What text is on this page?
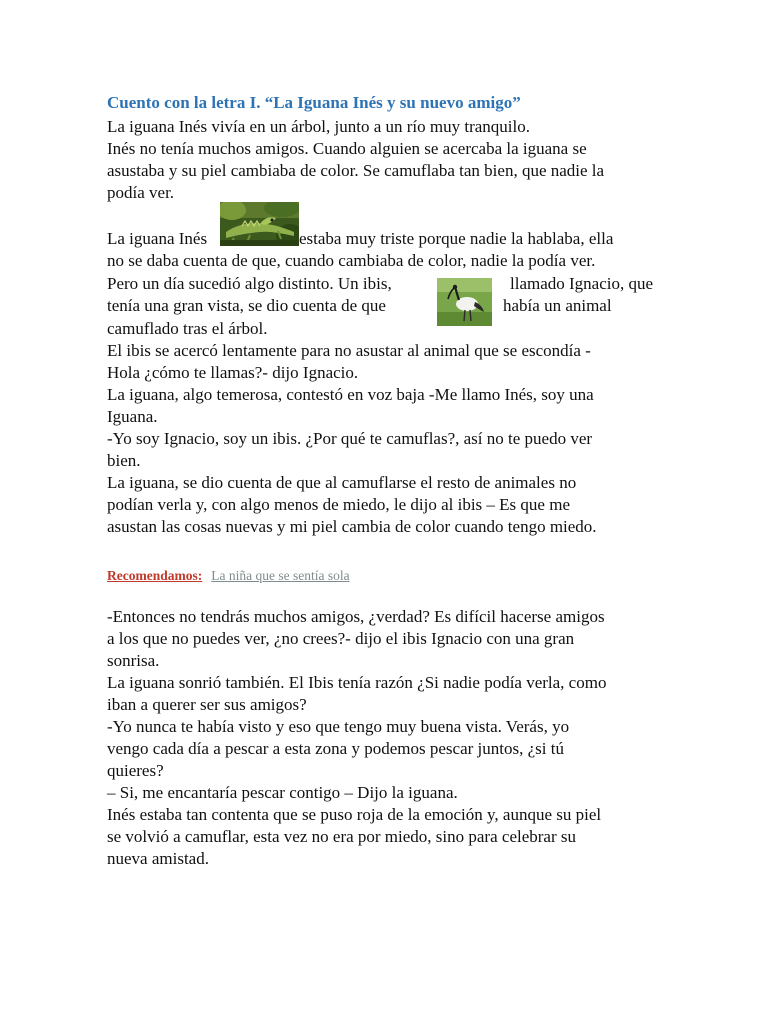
Cuento con la letra I. “La Iguana Inés y su nuevo amigo”
La iguana Inés vivía en un árbol, junto a un río muy tranquilo.
Inés no tenía muchos amigos. Cuando alguien se acercaba la iguana se
asustaba y su piel cambiaba de color. Se camuflaba tan bien, que nadie la
podía ver.
La iguana Inés	estaba muy triste porque nadie la hablaba, ella
no se daba cuenta de que, cuando cambiaba de color, nadie la podía ver.
Pero un día sucedió algo distinto. Un ibis,	llamado Ignacio, que
tenía una gran vista, se dio cuenta de que	había un animal
camuflado tras el árbol.
El ibis se acercó lentamente para no asustar al animal que se escondía -
Hola ¿cómo te llamas?- dijo Ignacio.
La iguana, algo temerosa, contestó en voz baja -Me llamo Inés, soy una
Iguana.
-Yo soy Ignacio, soy un ibis. ¿Por qué te camuflas?, así no te puedo ver
bien.
La iguana, se dio cuenta de que al camuflarse el resto de animales no
podían verla y, con algo menos de miedo, le dijo al ibis – Es que me
asustan las cosas nuevas y mi piel cambia de color cuando tengo miedo.
Recomendamos: La niña que se sentía sola
-Entonces no tendrás muchos amigos, ¿verdad? Es difícil hacerse amigos
a los que no puedes ver, ¿no crees?- dijo el ibis Ignacio con una gran
sonrisa.
La iguana sonrió también. El Ibis tenía razón ¿Si nadie podía verla, como
iban a querer ser sus amigos?
-Yo nunca te había visto y eso que tengo muy buena vista. Verás, yo
vengo cada día a pescar a esta zona y podemos pescar juntos, ¿si tú
quieres?
– Si, me encantaría pescar contigo – Dijo la iguana.
Inés estaba tan contenta que se puso roja de la emoción y, aunque su piel
se volvió a camuflar, esta vez no era por miedo, sino para celebrar su
nueva amistad.
